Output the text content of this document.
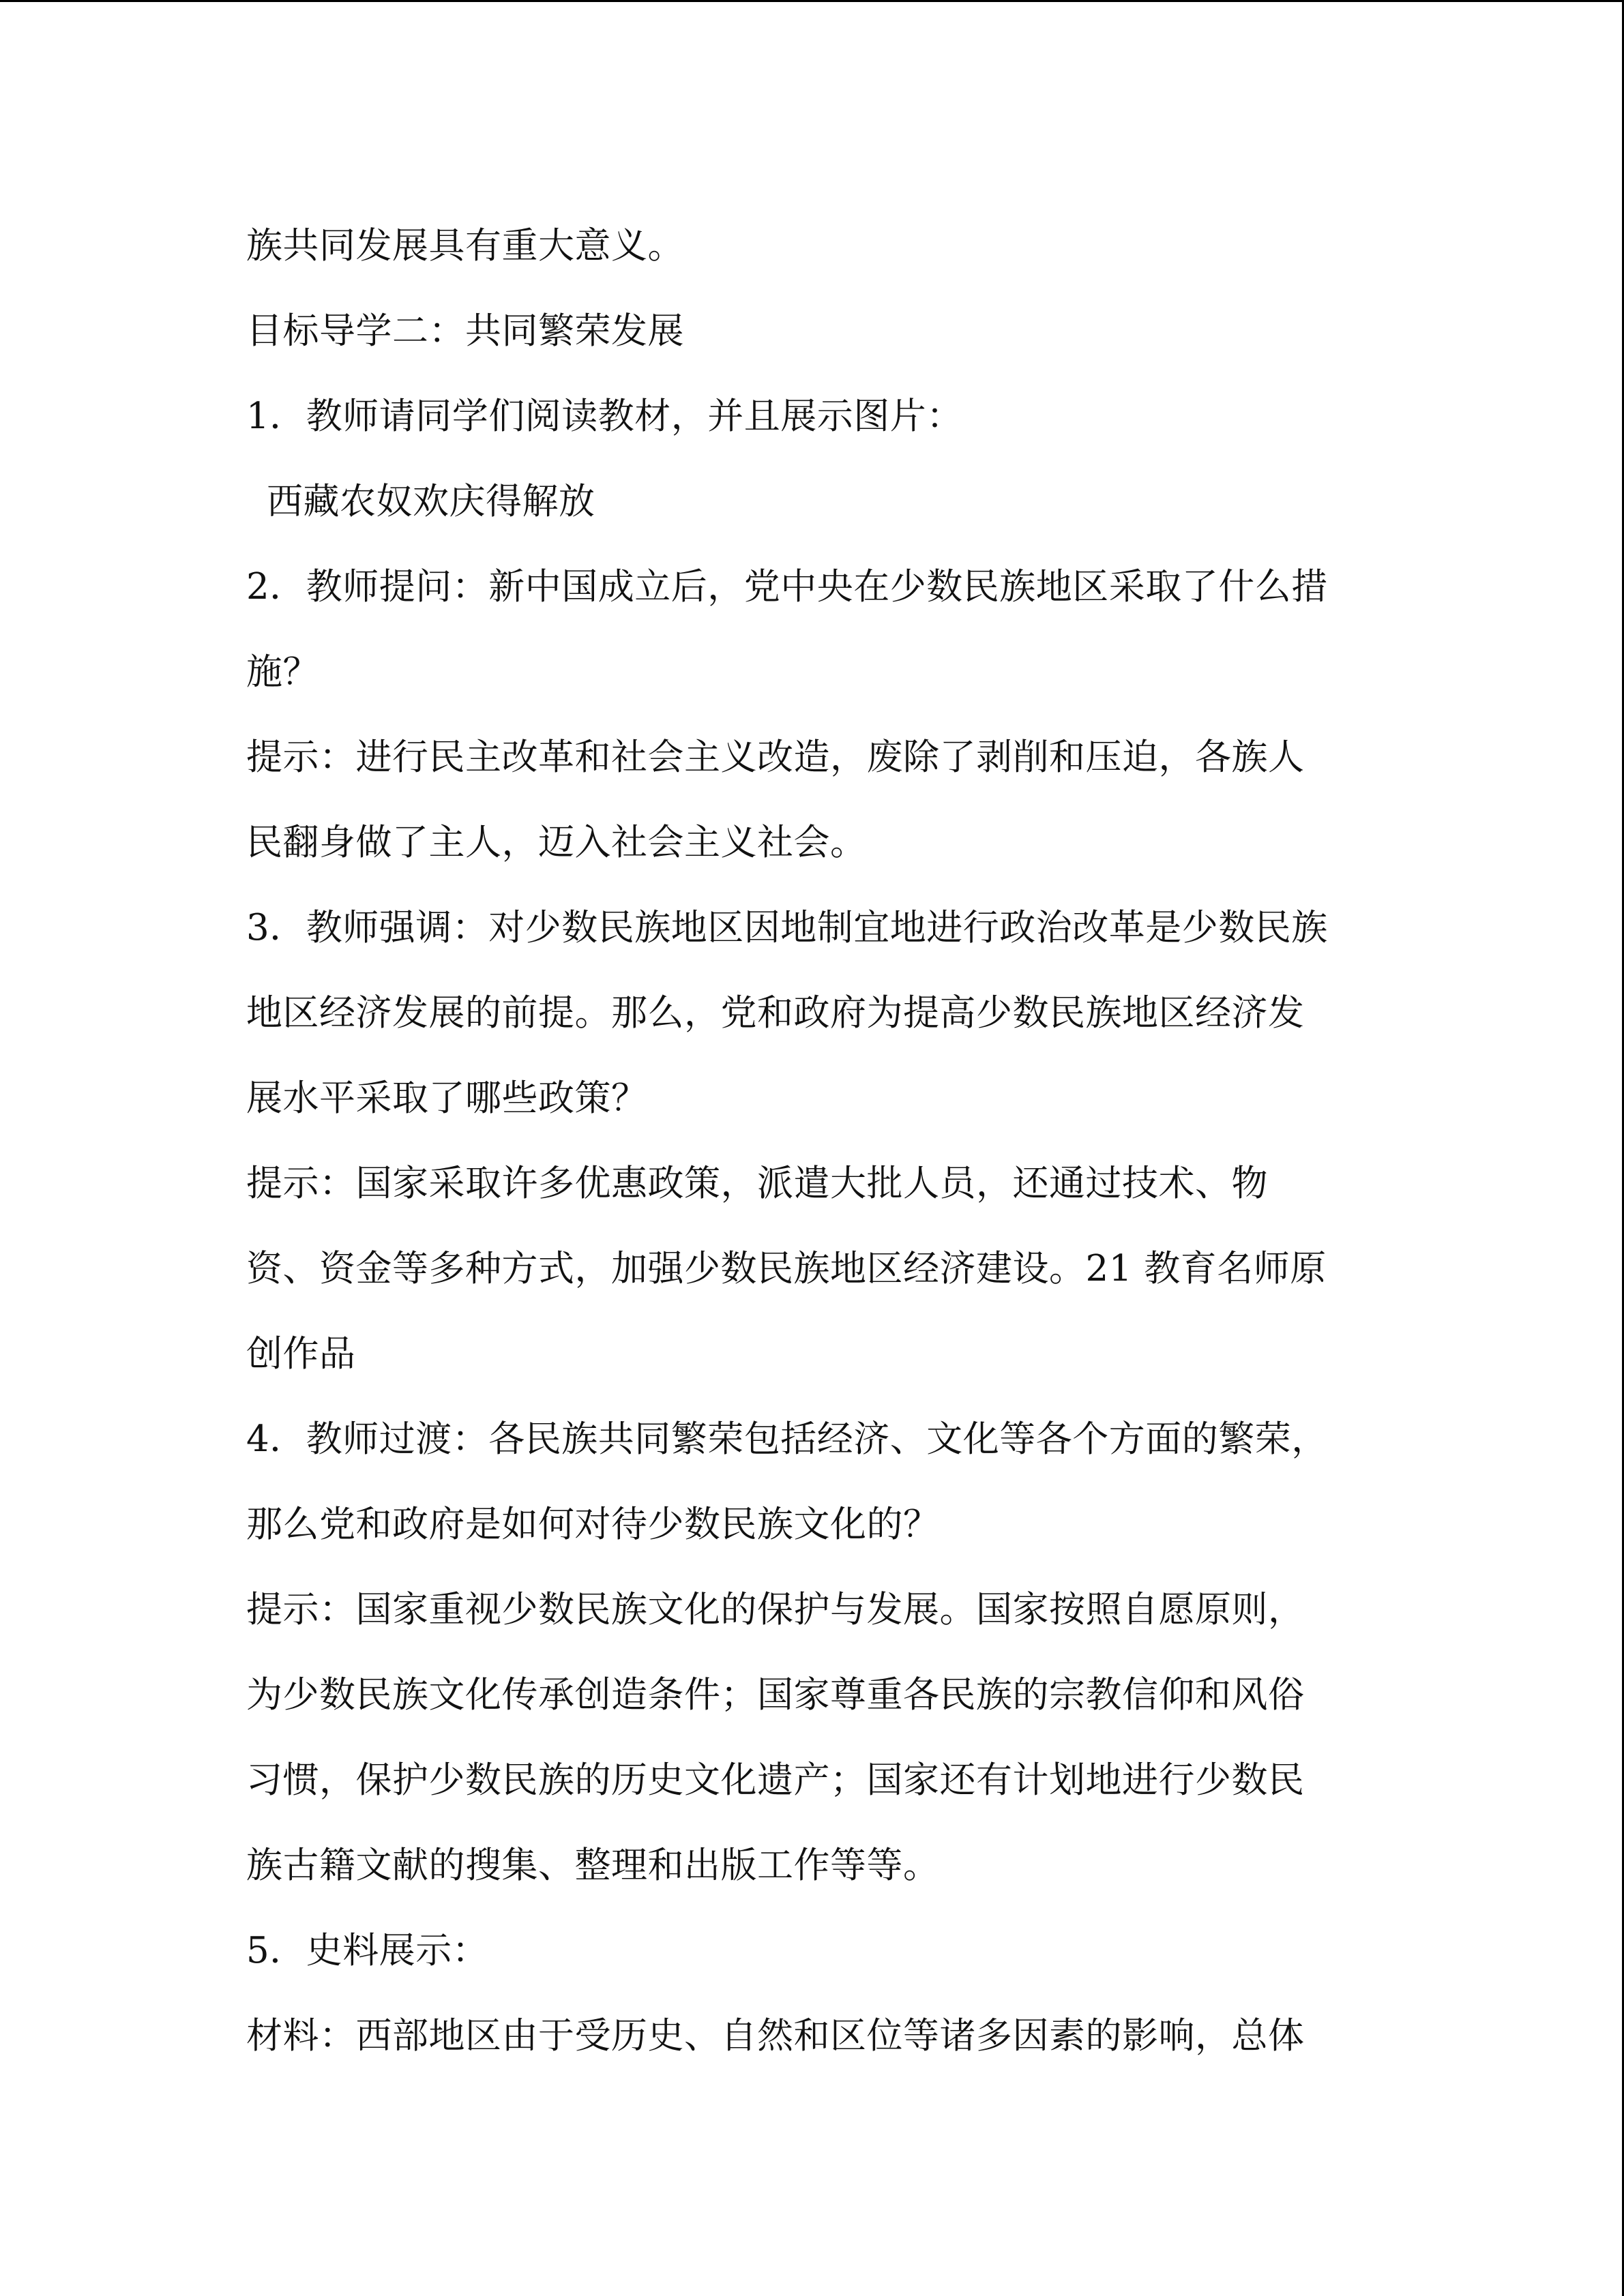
族共同发展具有重大意义。
目标导学二：共同繁荣发展
1．教师请同学们阅读教材，并且展示图片：
西藏农奴欢庆得解放
2．教师提问：新中国成立后，党中央在少数民族地区采取了什么措
施？
提示：进行民主改革和社会主义改造，废除了剥削和压迫，各族人
民翻身做了主人，迈入社会主义社会。
3．教师强调：对少数民族地区因地制宜地进行政治改革是少数民族
地区经济发展的前提。那么，党和政府为提高少数民族地区经济发
展水平采取了哪些政策？
提示：国家采取许多优惠政策，派遣大批人员，还通过技术、物
资、资金等多种方式，加强少数民族地区经济建设。21 教育名师原
创作品
4．教师过渡：各民族共同繁荣包括经济、文化等各个方面的繁荣，
那么党和政府是如何对待少数民族文化的？
提示：国家重视少数民族文化的保护与发展。国家按照自愿原则，
为少数民族文化传承创造条件；国家尊重各民族的宗教信仰和风俗
习惯，保护少数民族的历史文化遗产；国家还有计划地进行少数民
族古籍文献的搜集、整理和出版工作等等。
5．史料展示：
材料：西部地区由于受历史、自然和区位等诸多因素的影响，总体
